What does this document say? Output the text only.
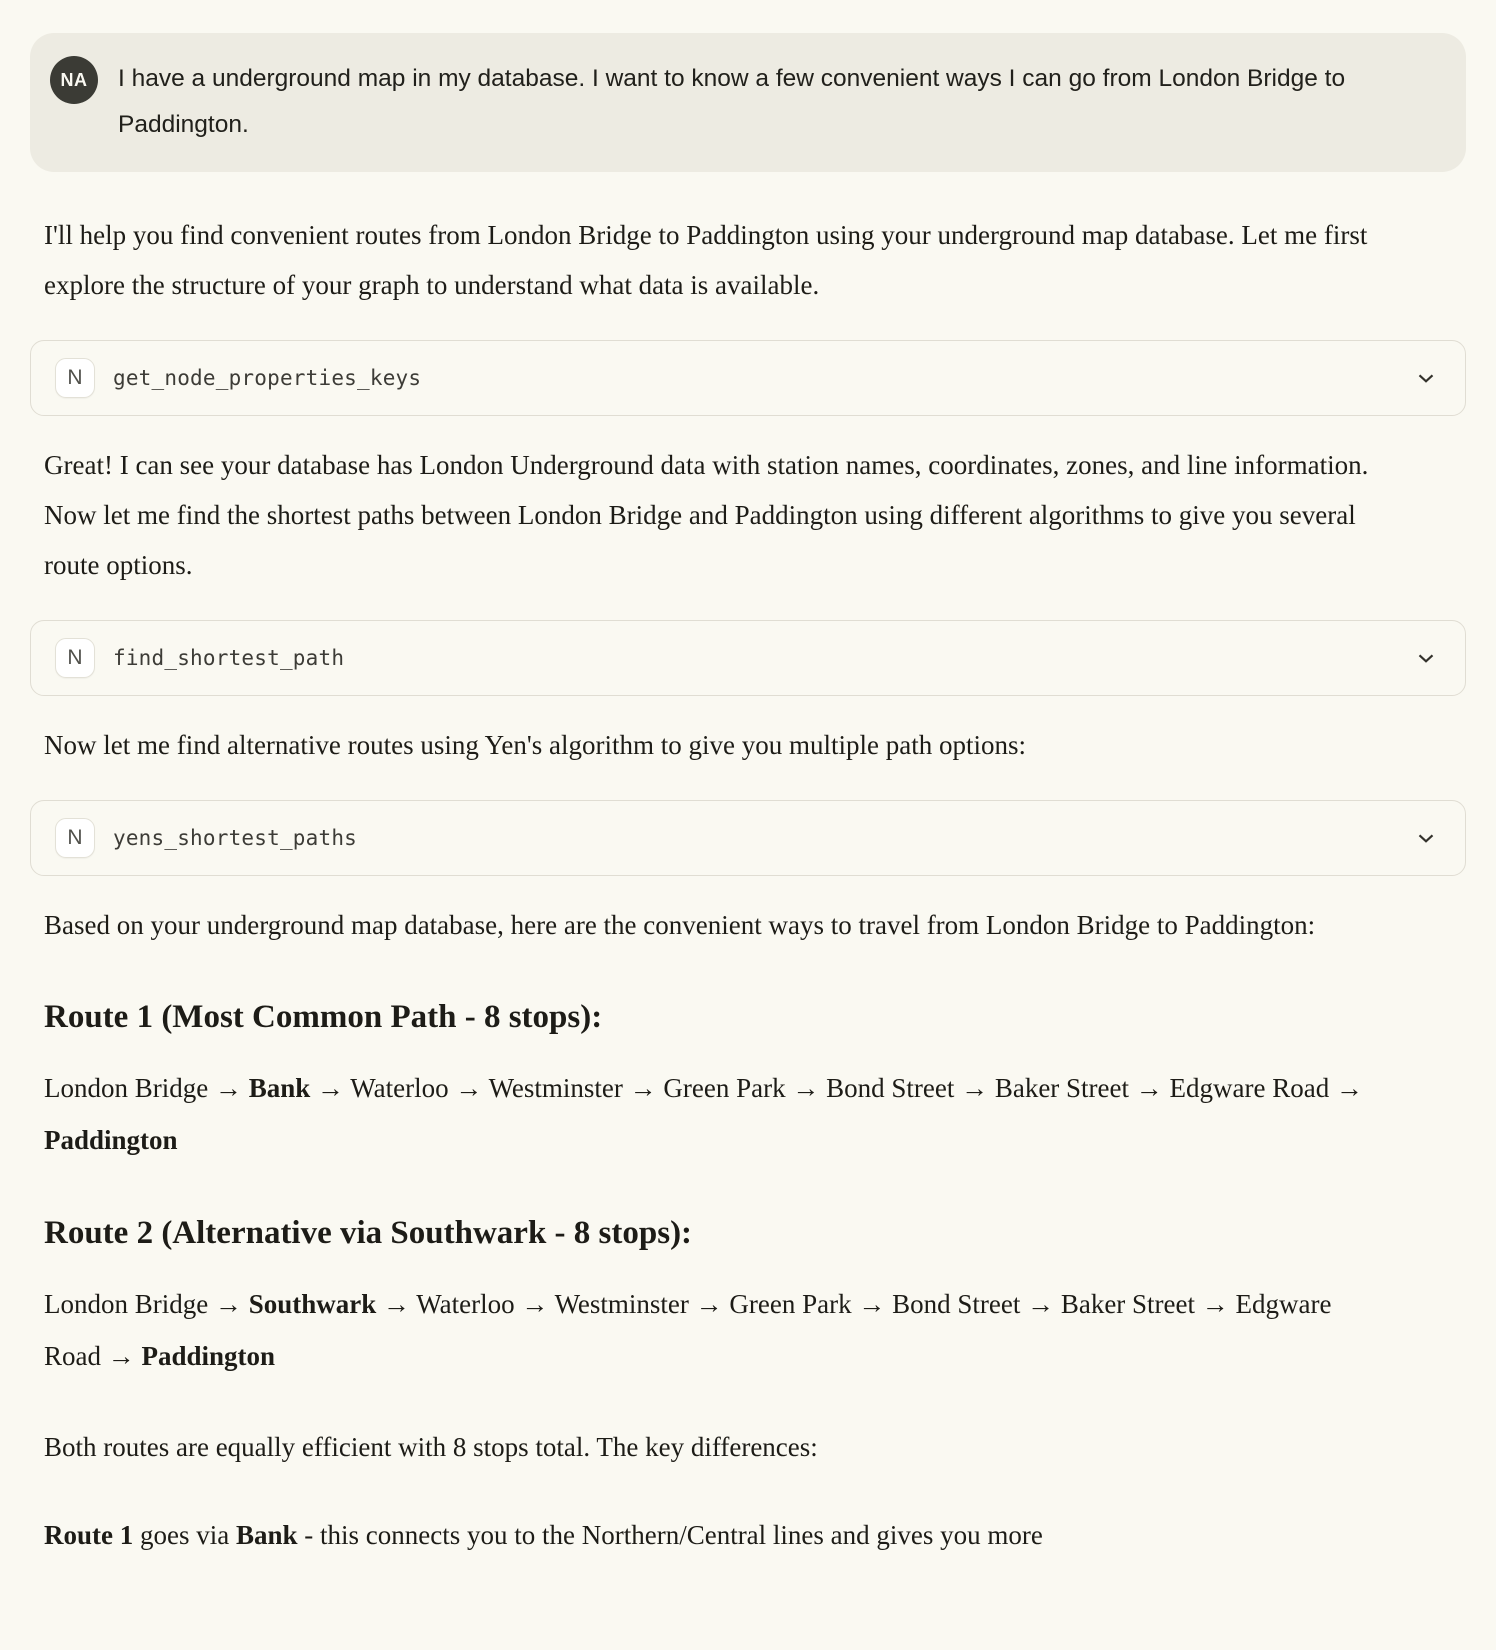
NA	I have a underground map in my database. I want to know a few convenient ways I can go from London Bridge to Paddington.

I'll help you find convenient routes from London Bridge to Paddington using your underground map database. Let me first explore the structure of your graph to understand what data is available.

N	get_node_properties_keys

Great! I can see your database has London Underground data with station names, coordinates, zones, and line information. Now let me find the shortest paths between London Bridge and Paddington using different algorithms to give you several route options.

N	find_shortest_path

Now let me find alternative routes using Yen's algorithm to give you multiple path options:

N	yens_shortest_paths

Based on your underground map database, here are the convenient ways to travel from London Bridge to Paddington:

Route 1 (Most Common Path - 8 stops):

London Bridge → Bank → Waterloo → Westminster → Green Park → Bond Street → Baker Street → Edgware Road → Paddington

Route 2 (Alternative via Southwark - 8 stops):

London Bridge → Southwark → Waterloo → Westminster → Green Park → Bond Street → Baker Street → Edgware Road → Paddington

Both routes are equally efficient with 8 stops total. The key differences:

Route 1 goes via Bank - this connects you to the Northern/Central lines and gives you more
